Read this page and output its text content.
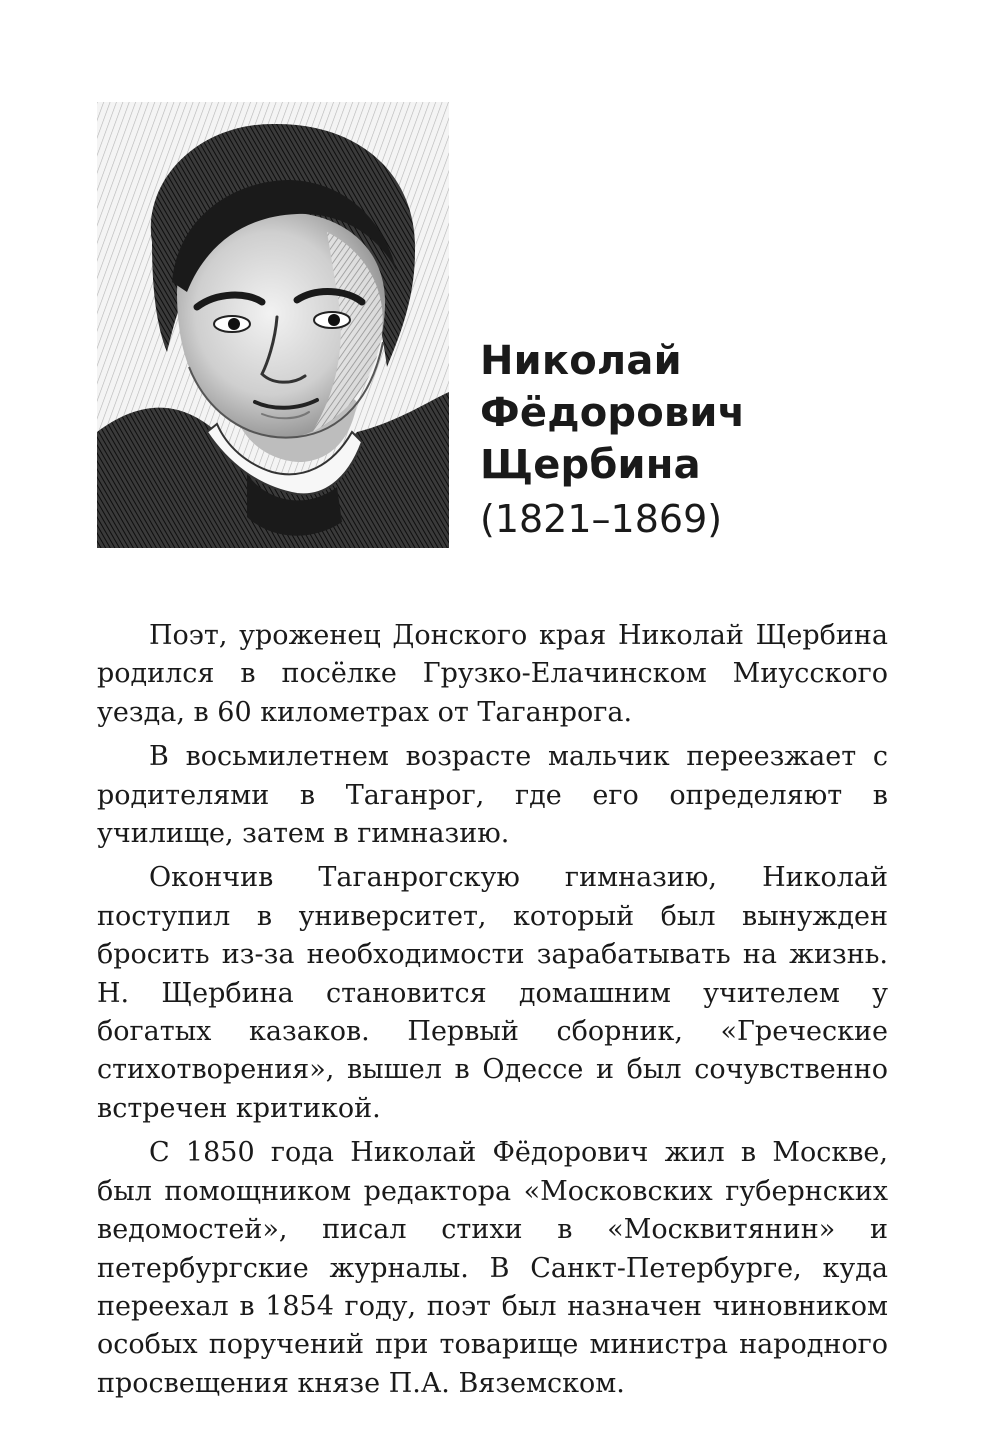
Николай
Фёдорович
Щербина
(1821–1869)

Поэт, уроженец Донского края Николай Щербина родился в посёлке Грузко-Елачинском Миусского уезда, в 60 километрах от Таганрога.

В восьмилетнем возрасте мальчик переезжает с родителями в Таганрог, где его определяют в училище, затем в гимназию.

Окончив Таганрогскую гимназию, Николай поступил в университет, который был вынужден бросить из-за необходимости зарабатывать на жизнь. Н. Щербина становится домашним учителем у богатых казаков. Первый сборник, «Греческие стихотворения», вышел в Одессе и был сочувственно встречен критикой.

С 1850 года Николай Фёдорович жил в Москве, был помощником редактора «Московских губернских ведомостей», писал стихи в «Москвитянин» и петербургские журналы. В Санкт-Петербурге, куда переехал в 1854 году, поэт был назначен чиновником особых поручений при товарище министра народного просвещения князе П.А. Вяземском.
